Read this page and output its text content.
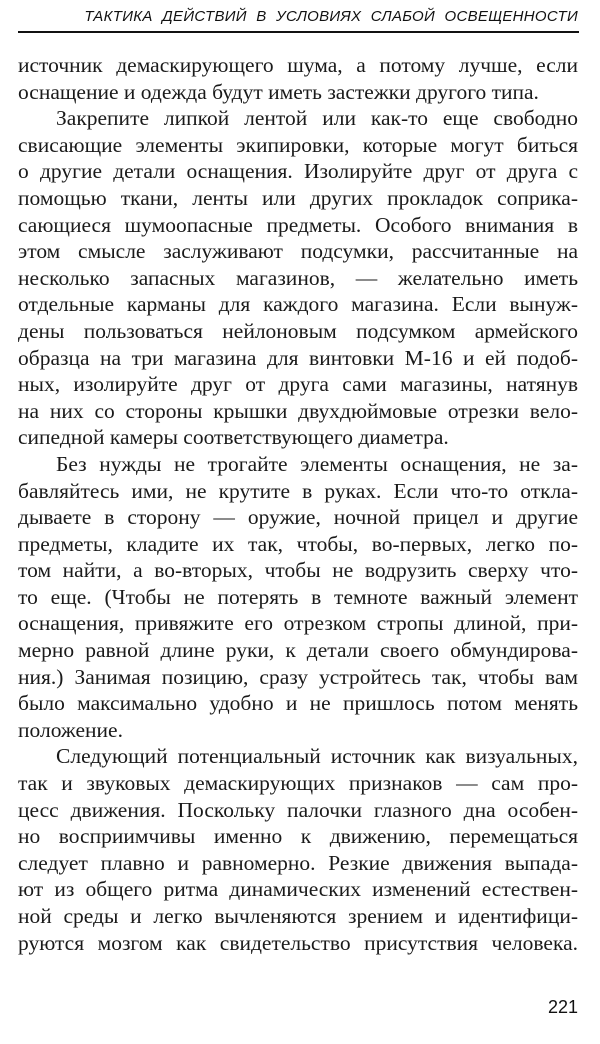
ТАКТИКА ДЕЙСТВИЙ В УСЛОВИЯХ СЛАБОЙ ОСВЕЩЕННОСТИ
источник демаскирующего шума, а потому лучше, если
оснащение и одежда будут иметь застежки другого типа.
Закрепите липкой лентой или как-то еще свободно
свисающие элементы экипировки, которые могут биться
о другие детали оснащения. Изолируйте друг от друга с
помощью ткани, ленты или других прокладок соприка-
сающиеся шумоопасные предметы. Особого внимания в
этом смысле заслуживают подсумки, рассчитанные на
несколько запасных магазинов, — желательно иметь
отдельные карманы для каждого магазина. Если вынуж-
дены пользоваться нейлоновым подсумком армейского
образца на три магазина для винтовки М-16 и ей подоб-
ных, изолируйте друг от друга сами магазины, натянув
на них со стороны крышки двухдюймовые отрезки вело-
сипедной камеры соответствующего диаметра.
Без нужды не трогайте элементы оснащения, не за-
бавляйтесь ими, не крутите в руках. Если что-то откла-
дываете в сторону — оружие, ночной прицел и другие
предметы, кладите их так, чтобы, во-первых, легко по-
том найти, а во-вторых, чтобы не водрузить сверху что-
то еще. (Чтобы не потерять в темноте важный элемент
оснащения, привяжите его отрезком стропы длиной, при-
мерно равной длине руки, к детали своего обмундирова-
ния.) Занимая позицию, сразу устройтесь так, чтобы вам
было максимально удобно и не пришлось потом менять
положение.
Следующий потенциальный источник как визуальных,
так и звуковых демаскирующих признаков — сам про-
цесс движения. Поскольку палочки глазного дна особен-
но восприимчивы именно к движению, перемещаться
следует плавно и равномерно. Резкие движения выпада-
ют из общего ритма динамических изменений естествен-
ной среды и легко вычленяются зрением и идентифици-
руются мозгом как свидетельство присутствия человека.
221
